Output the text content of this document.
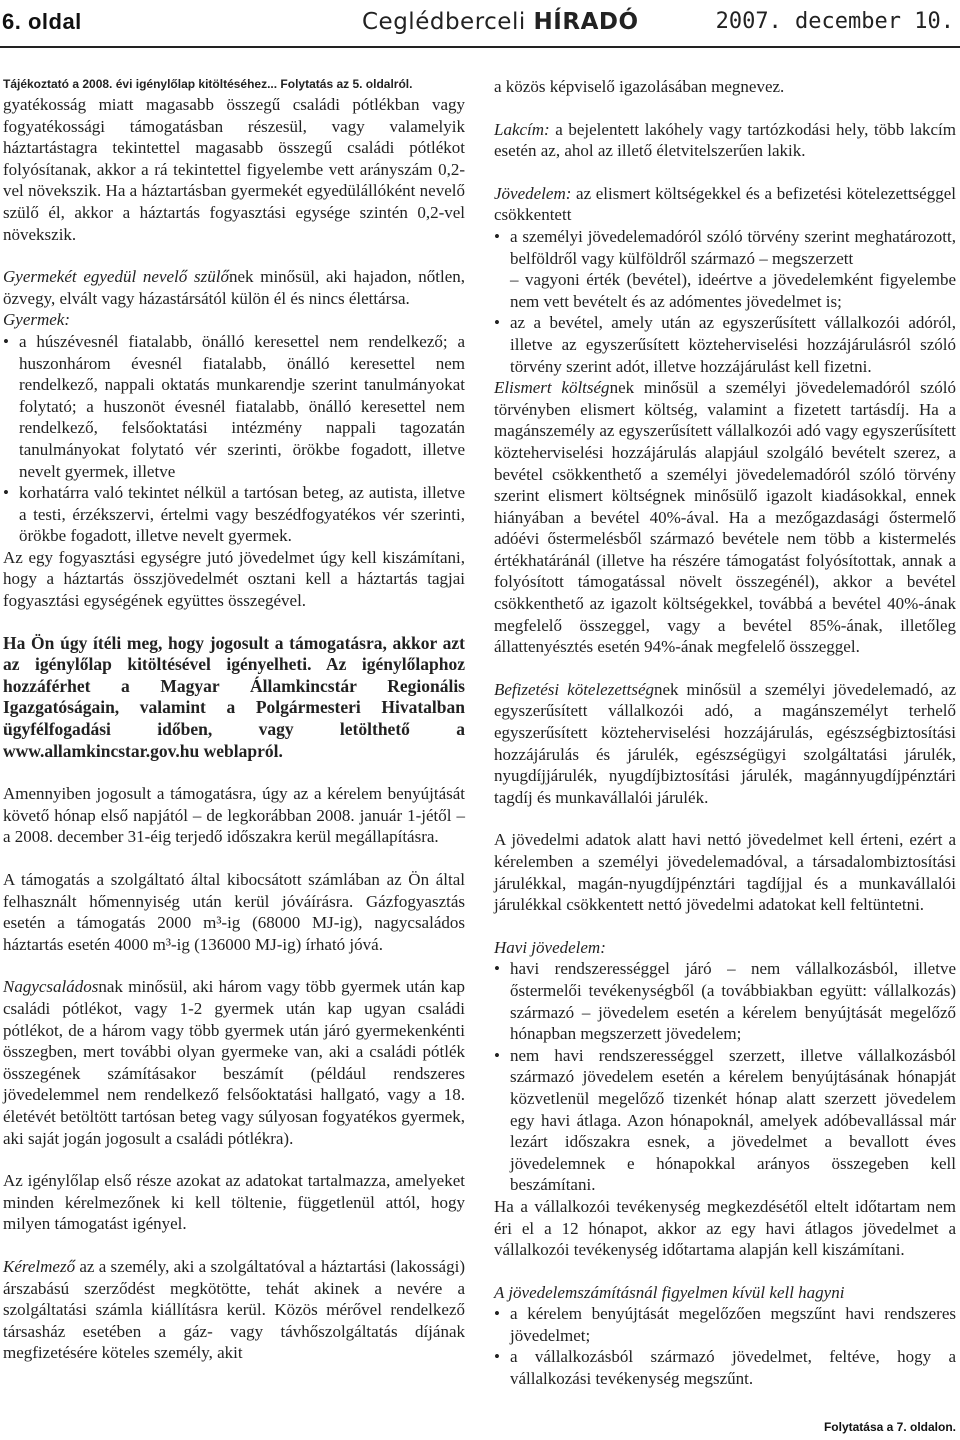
6. oldal	Ceglédberceli HÍRADÓ	2007. december 10.
Tájékoztató a 2008. évi igénylőlap kitöltéséhez... Folytatás az 5. oldalról.

gyatékosság miatt magasabb összegű családi pótlékban vagy fogyatékossági támogatásban részesül, vagy valamelyik háztartástagra tekintettel magasabb összegű családi pótlékot folyósítanak, akkor a rá tekintettel figyelembe vett arányszám 0,2-vel növekszik. Ha a háztartásban gyermekét egyedülállóként nevelő szülő él, akkor a háztartás fogyasztási egysége szintén 0,2-vel növekszik.

Gyermekét egyedül nevelő szülőnek minősül, aki hajadon, nőtlen, özvegy, elvált vagy házastársától külön él és nincs élettársa.

Gyermek:

• a húszévesnél fiatalabb, önálló keresettel nem rendelkező; a huszonhárom évesnél fiatalabb, önálló keresettel nem rendelkező, nappali oktatás munkarendje szerint tanulmányokat folytató; a huszonöt évesnél fiatalabb, önálló keresettel nem rendelkező, felsőoktatási intézmény nappali tagozatán tanulmányokat folytató vér szerinti, örökbe fogadott, illetve nevelt gyermek, illetve
• korhatárra való tekintet nélkül a tartósan beteg, az autista, illetve a testi, érzékszervi, értelmi vagy beszédfogyatékos vér szerinti, örökbe fogadott, illetve nevelt gyermek.

Az egy fogyasztási egységre jutó jövedelmet úgy kell kiszámítani, hogy a háztartás összjövedelmét osztani kell a háztartás tagjai fogyasztási egységének együttes összegével.

Ha Ön úgy ítéli meg, hogy jogosult a támogatásra, akkor azt az igénylőlap kitöltésével igényelheti. Az igénylőlaphoz hozzáférhet a Magyar Államkincstár Regionális Igazgatóságain, valamint a Polgármesteri Hivatalban ügyfélfogadási időben, vagy letölthető a www.allamkincstar.gov.hu weblapról.

Amennyiben jogosult a támogatásra, úgy az a kérelem benyújtását követő hónap első napjától – de legkorábban 2008. január 1-jétől – a 2008. december 31-éig terjedő időszakra kerül megállapításra.

A támogatás a szolgáltató által kibocsátott számlában az Ön által felhasznált hőmennyiség után kerül jóváírásra. Gázfogyasztás esetén a támogatás 2000 m³-ig (68000 MJ-ig), nagycsaládos háztartás esetén 4000 m³-ig (136000 MJ-ig) írható jóvá.

Nagycsaládosnak minősül, aki három vagy több gyermek után kap családi pótlékot, vagy 1-2 gyermek után kap ugyan családi pótlékot, de a három vagy több gyermek után járó gyermekenkénti összegben, mert további olyan gyermeke van, aki a családi pótlék összegének számításakor beszámít (például rendszeres jövedelemmel nem rendelkező felsőoktatási hallgató, vagy a 18. életévét betöltött tartósan beteg vagy súlyosan fogyatékos gyermek, aki saját jogán jogosult a családi pótlékra).

Az igénylőlap első része azokat az adatokat tartalmazza, amelyeket minden kérelmezőnek ki kell töltenie, függetlenül attól, hogy milyen támogatást igényel.

Kérelmező az a személy, aki a szolgáltatóval a háztartási (lakossági) árszabású szerződést megkötötte, tehát akinek a nevére a szolgáltatási számla kiállításra kerül. Közös mérővel rendelkező társasház esetében a gáz- vagy távhőszolgáltatás díjának megfizetésére köteles személy, akit

a közös képviselő igazolásában megnevez.

Lakcím: a bejelentett lakóhely vagy tartózkodási hely, több lakcím esetén az, ahol az illető életvitelszerűen lakik.

Jövedelem: az elismert költségekkel és a befizetési kötelezettséggel csökkentett

• a személyi jövedelemadóról szóló törvény szerint meghatározott, belföldről vagy külföldről származó – megszerzett

– vagyoni érték (bevétel), ideértve a jövedelemként figyelembe nem vett bevételt és az adómentes jövedelmet is;

• az a bevétel, amely után az egyszerűsített vállalkozói adóról, illetve az egyszerűsített közteherviselési hozzájárulásról szóló törvény szerint adót, illetve hozzájárulást kell fizetni.

Elismert költségnek minősül a személyi jövedelemadóról szóló törvényben elismert költség, valamint a fizetett tartásdíj. Ha a magánszemély az egyszerűsített vállalkozói adó vagy egyszerűsített közteherviselési hozzájárulás alapjául szolgáló bevételt szerez, a bevétel csökkenthető a személyi jövedelemadóról szóló törvény szerint elismert költségnek minősülő igazolt kiadásokkal, ennek hiányában a bevétel 40%-ával. Ha a mezőgazdasági őstermelő adóévi őstermelésből származó bevétele nem több a kistermelés értékhatáránál (illetve ha részére támogatást folyósítottak, annak a folyósított támogatással növelt összegénél), akkor a bevétel csökkenthető az igazolt költségekkel, továbbá a bevétel 40%-ának megfelelő összeggel, vagy a bevétel 85%-ának, illetőleg állattenyésztés esetén 94%-ának megfelelő összeggel.

Befizetési kötelezettségnek minősül a személyi jövedelemadó, az egyszerűsített vállalkozói adó, a magánszemélyt terhelő egyszerűsített közteherviselési hozzájárulás, egészségbiztosítási hozzájárulás és járulék, egészségügyi szolgáltatási járulék, nyugdíjjárulék, nyugdíjbiztosítási járulék, magánnyugdíjpénztári tagdíj és munkavállalói járulék.

A jövedelmi adatok alatt havi nettó jövedelmet kell érteni, ezért a kérelemben a személyi jövedelemadóval, a társadalombiztosítási járulékkal, magán-nyugdíjpénztári tagdíjjal és a munkavállalói járulékkal csökkentett nettó jövedelmi adatokat kell feltüntetni.

Havi jövedelem:

• havi rendszerességgel járó – nem vállalkozásból, illetve őstermelői tevékenységből (a továbbiakban együtt: vállalkozás) származó – jövedelem esetén a kérelem benyújtását megelőző hónapban megszerzett jövedelem;
• nem havi rendszerességgel szerzett, illetve vállalkozásból származó jövedelem esetén a kérelem benyújtásának hónapját közvetlenül megelőző tizenkét hónap alatt szerzett jövedelem egy havi átlaga. Azon hónapoknál, amelyek adóbevallással már lezárt időszakra esnek, a jövedelmet a bevallott éves jövedelemnek e hónapokkal arányos összegeben kell beszámítani.

Ha a vállalkozói tevékenység megkezdésétől eltelt időtartam nem éri el a 12 hónapot, akkor az egy havi átlagos jövedelmet a vállalkozói tevékenység időtartama alapján kell kiszámítani.

A jövedelemszámításnál figyelmen kívül kell hagyni

• a kérelem benyújtását megelőzően megszűnt havi rendszeres jövedelmet;
• a vállalkozásból származó jövedelmet, feltéve, hogy a vállalkozási tevékenység megszűnt.
Folytatása a 7. oldalon.
